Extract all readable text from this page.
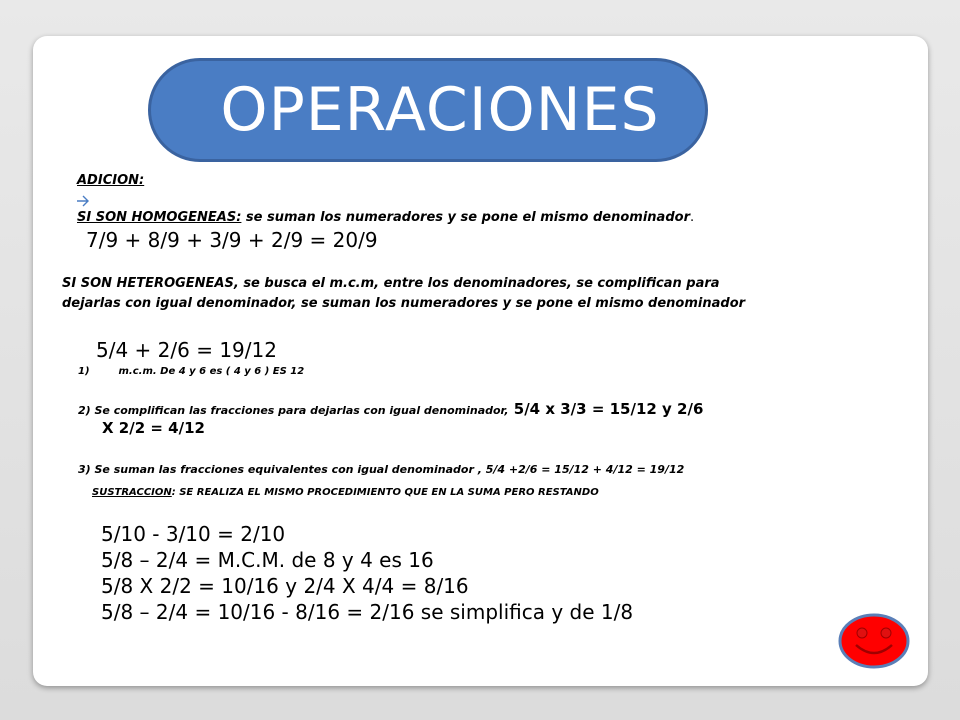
OPERACIONES
ADICION:
SI SON HOMOGENEAS: se suman los numeradores y se pone el mismo denominador.
7/9 + 8/9 + 3/9 + 2/9 = 20/9
SI SON HETEROGENEAS, se busca el m.c.m, entre los denominadores, se complifican para
dejarlas con igual denominador, se suman los numeradores y se pone el mismo denominador
5/4 + 2/6 = 19/12
1)	m.c.m. De 4 y 6 es ( 4 y 6 ) ES 12
2) Se complifican las fracciones para dejarlas con igual denominador, 5/4 x 3/3 = 15/12 y 2/6
X 2/2 = 4/12
3) Se suman las fracciones equivalentes con igual denominador , 5/4 +2/6 = 15/12 + 4/12 = 19/12
SUSTRACCION: SE REALIZA EL MISMO PROCEDIMIENTO QUE EN LA SUMA PERO RESTANDO
5/10 - 3/10 = 2/10
5/8 – 2/4 = M.C.M. de 8 y 4 es 16
5/8 X 2/2 = 10/16 y 2/4 X 4/4 = 8/16
5/8 – 2/4 = 10/16 - 8/16 = 2/16 se simplifica y de 1/8
